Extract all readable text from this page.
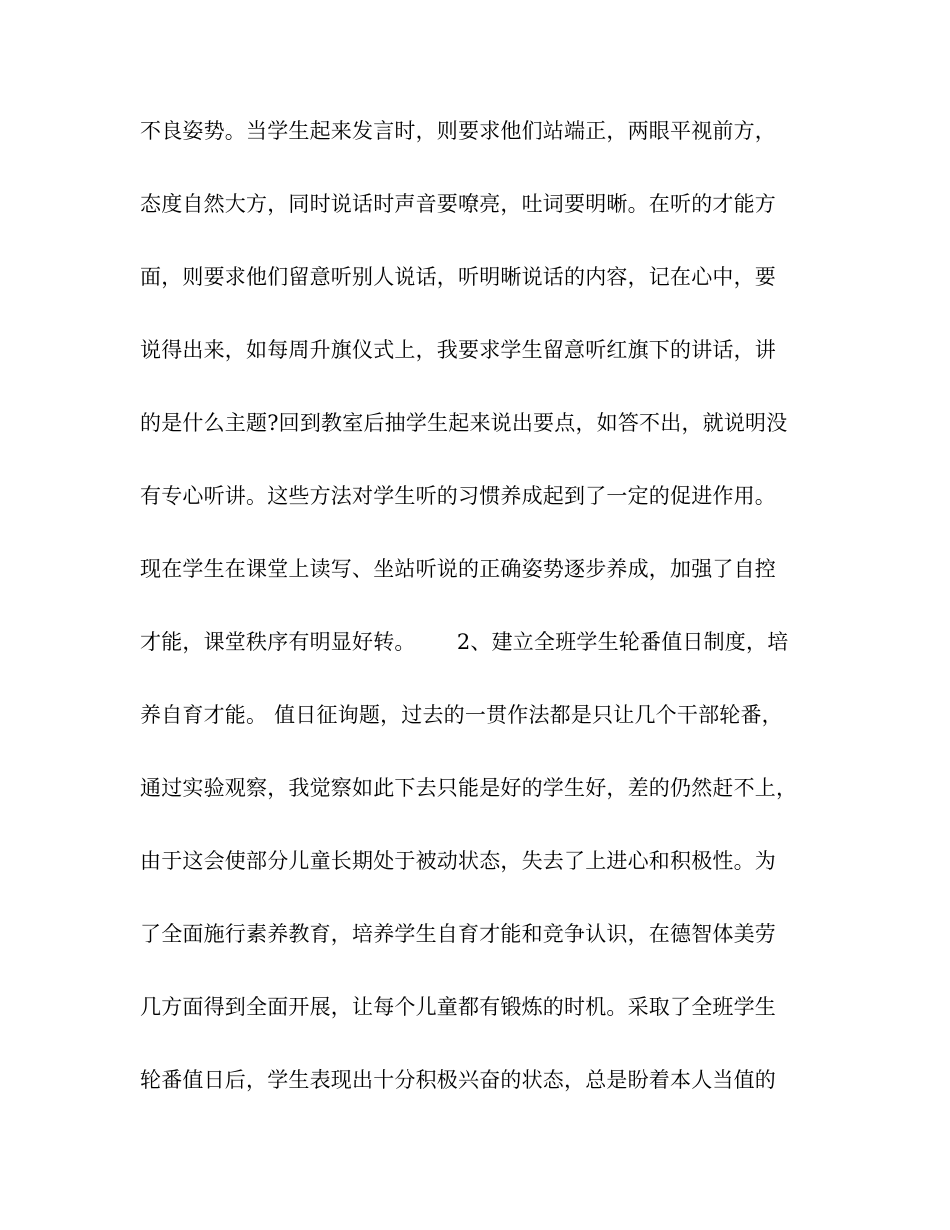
不良姿势。当学生起来发言时，则要求他们站端正，两眼平视前方，
态度自然大方，同时说话时声音要嘹亮，吐词要明晰。在听的才能方
面，则要求他们留意听别人说话，听明晰说话的内容，记在心中，要
说得出来，如每周升旗仪式上，我要求学生留意听红旗下的讲话，讲
的是什么主题?回到教室后抽学生起来说出要点，如答不出，就说明没
有专心听讲。这些方法对学生听的习惯养成起到了一定的促进作用。
现在学生在课堂上读写、坐站听说的正确姿势逐步养成，加强了自控
才能，课堂秩序有明显好转。      2、建立全班学生轮番值日制度，培
养自育才能。 值日征询题，过去的一贯作法都是只让几个干部轮番，
通过实验观察，我觉察如此下去只能是好的学生好，差的仍然赶不上，
由于这会使部分儿童长期处于被动状态，失去了上进心和积极性。为
了全面施行素养教育，培养学生自育才能和竞争认识，在德智体美劳
几方面得到全面开展，让每个儿童都有锻炼的时机。采取了全班学生
轮番值日后，学生表现出十分积极兴奋的状态，总是盼着本人当值的
